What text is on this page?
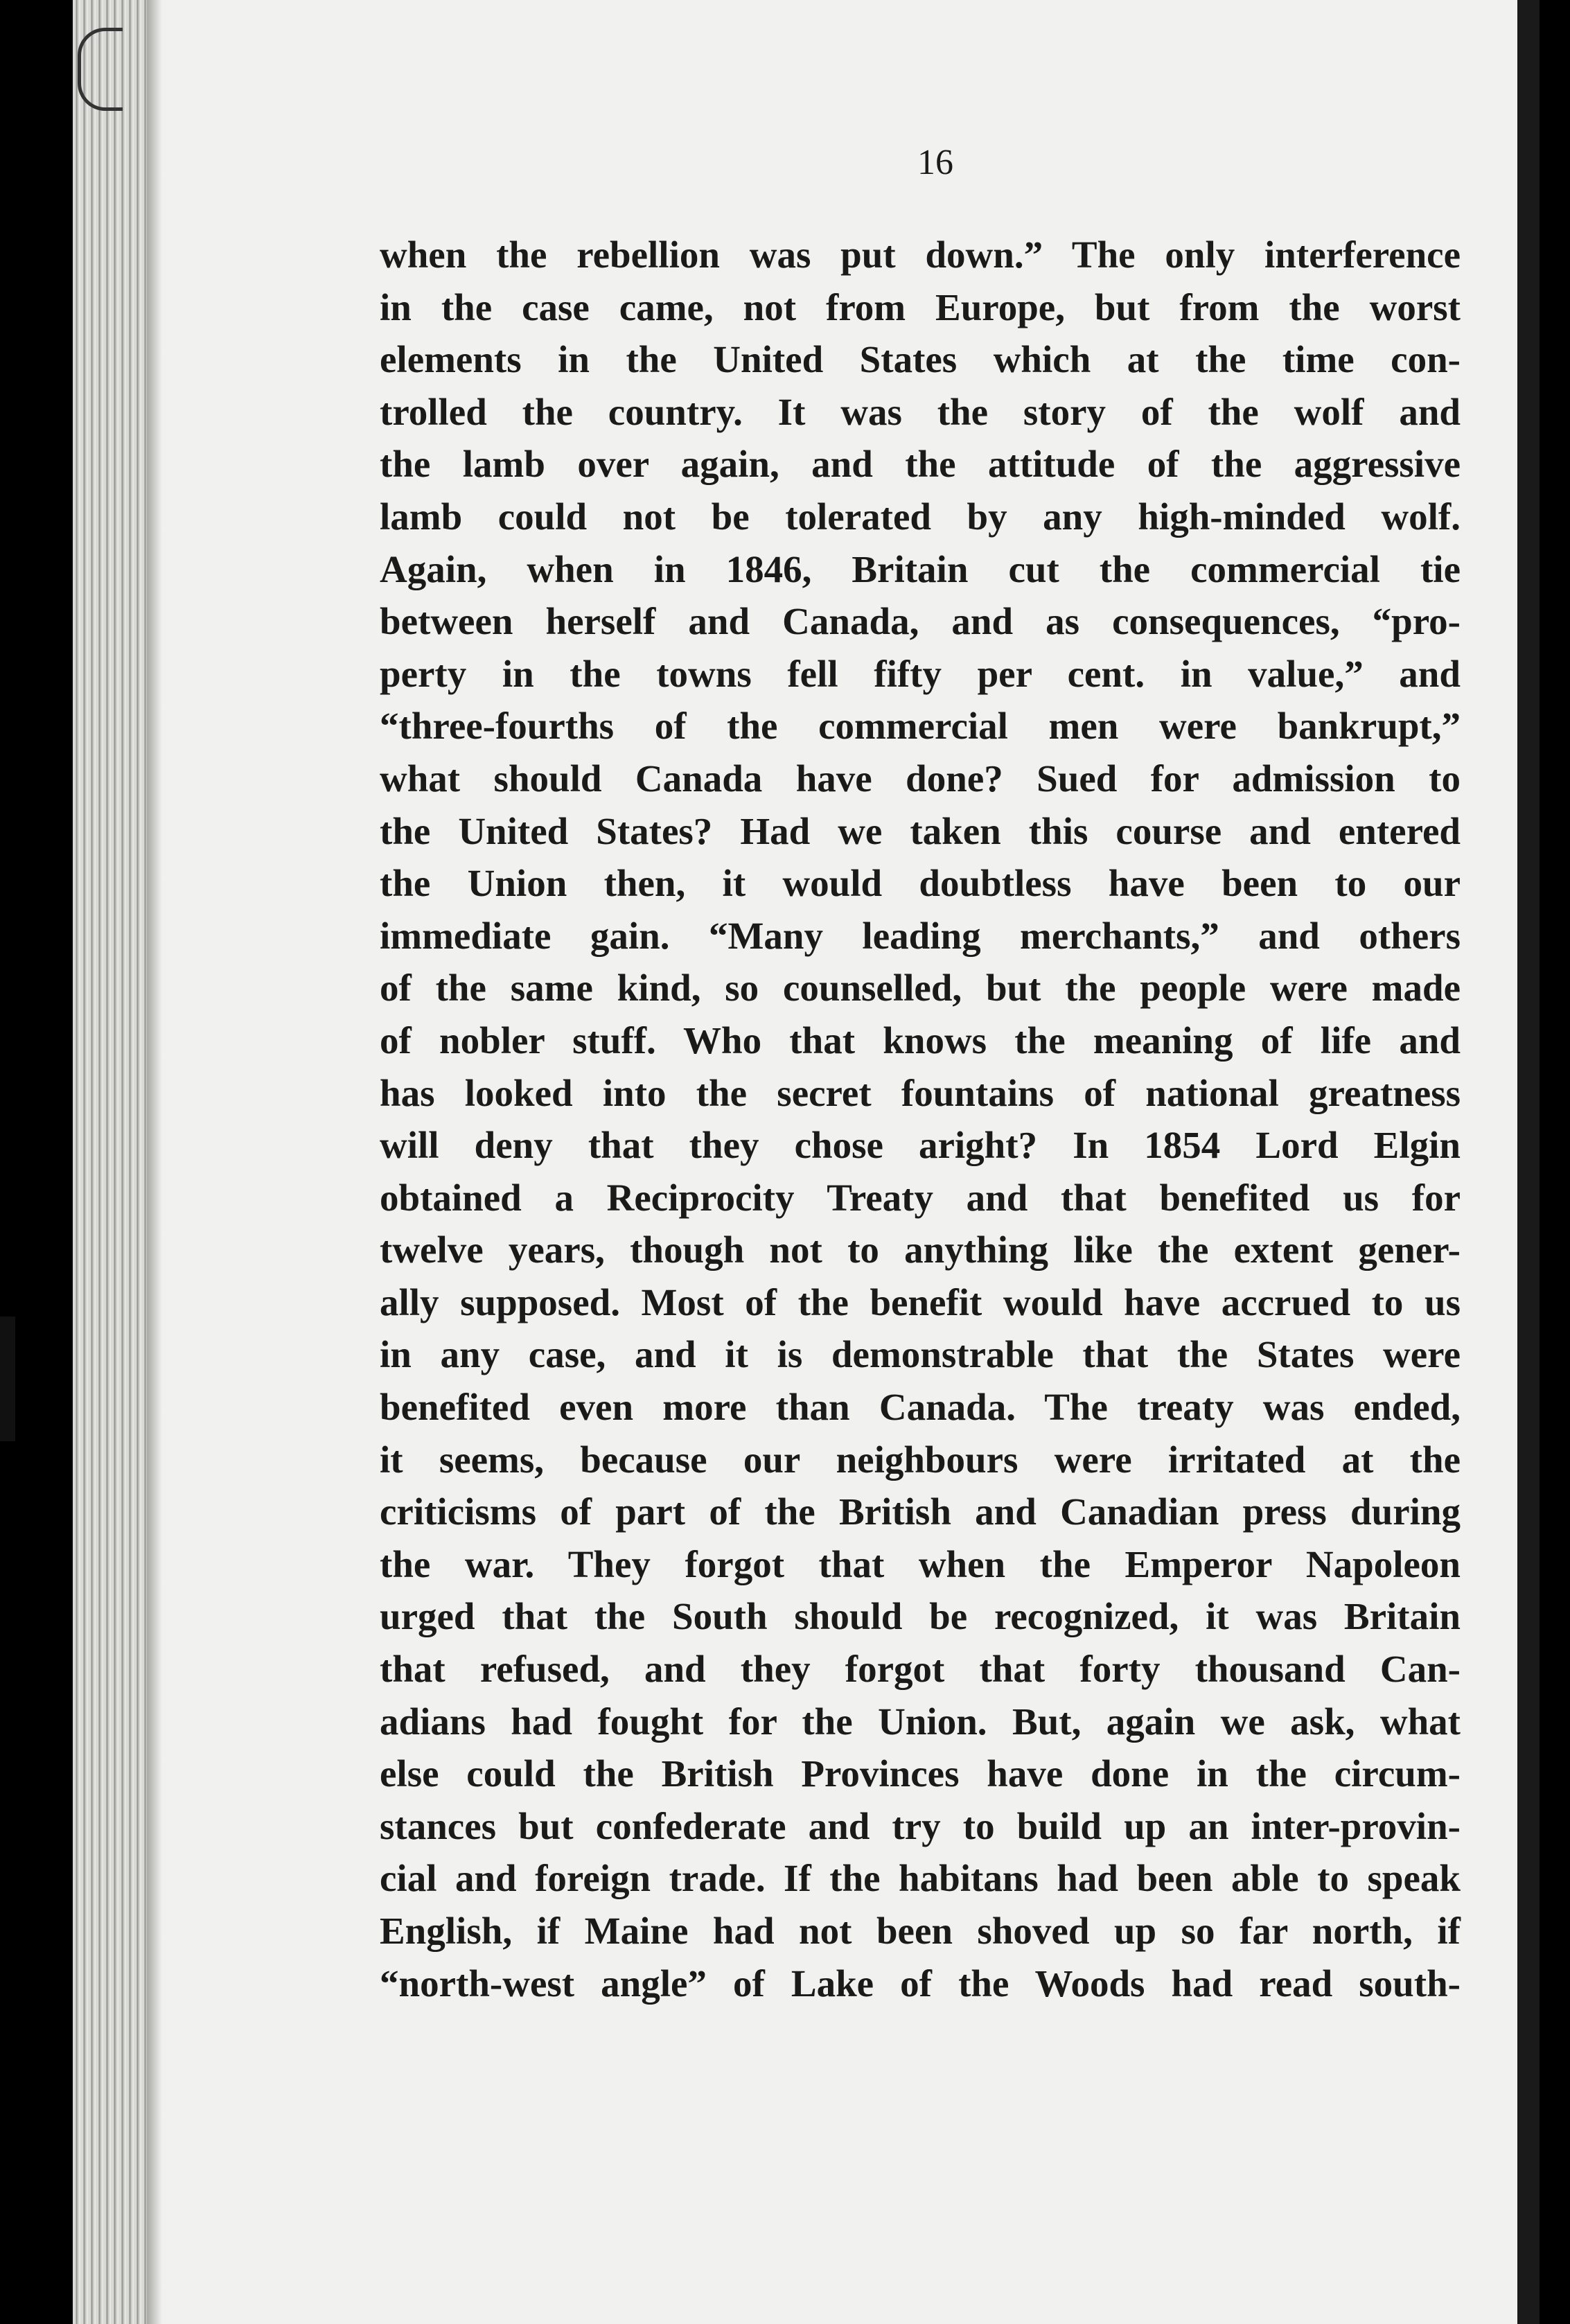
16
when the rebellion was put down.” The only interference
in the case came, not from Europe, but from the worst
elements in the United States which at the time con-
trolled the country. It was the story of the wolf and
the lamb over again, and the attitude of the aggressive
lamb could not be tolerated by any high-minded wolf.
Again, when in 1846, Britain cut the commercial tie
between herself and Canada, and as consequences, “pro-
perty in the towns fell fifty per cent. in value,” and
“three-fourths of the commercial men were bankrupt,”
what should Canada have done? Sued for admission to
the United States? Had we taken this course and entered
the Union then, it would doubtless have been to our
immediate gain. “Many leading merchants,” and others
of the same kind, so counselled, but the people were made
of nobler stuff. Who that knows the meaning of life and
has looked into the secret fountains of national greatness
will deny that they chose aright? In 1854 Lord Elgin
obtained a Reciprocity Treaty and that benefited us for
twelve years, though not to anything like the extent gener-
ally supposed. Most of the benefit would have accrued to us
in any case, and it is demonstrable that the States were
benefited even more than Canada. The treaty was ended,
it seems, because our neighbours were irritated at the
criticisms of part of the British and Canadian press during
the war. They forgot that when the Emperor Napoleon
urged that the South should be recognized, it was Britain
that refused, and they forgot that forty thousand Can-
adians had fought for the Union. But, again we ask, what
else could the British Provinces have done in the circum-
stances but confederate and try to build up an inter-provin-
cial and foreign trade. If the habitans had been able to speak
English, if Maine had not been shoved up so far north, if
“north-west angle” of Lake of the Woods had read south-
